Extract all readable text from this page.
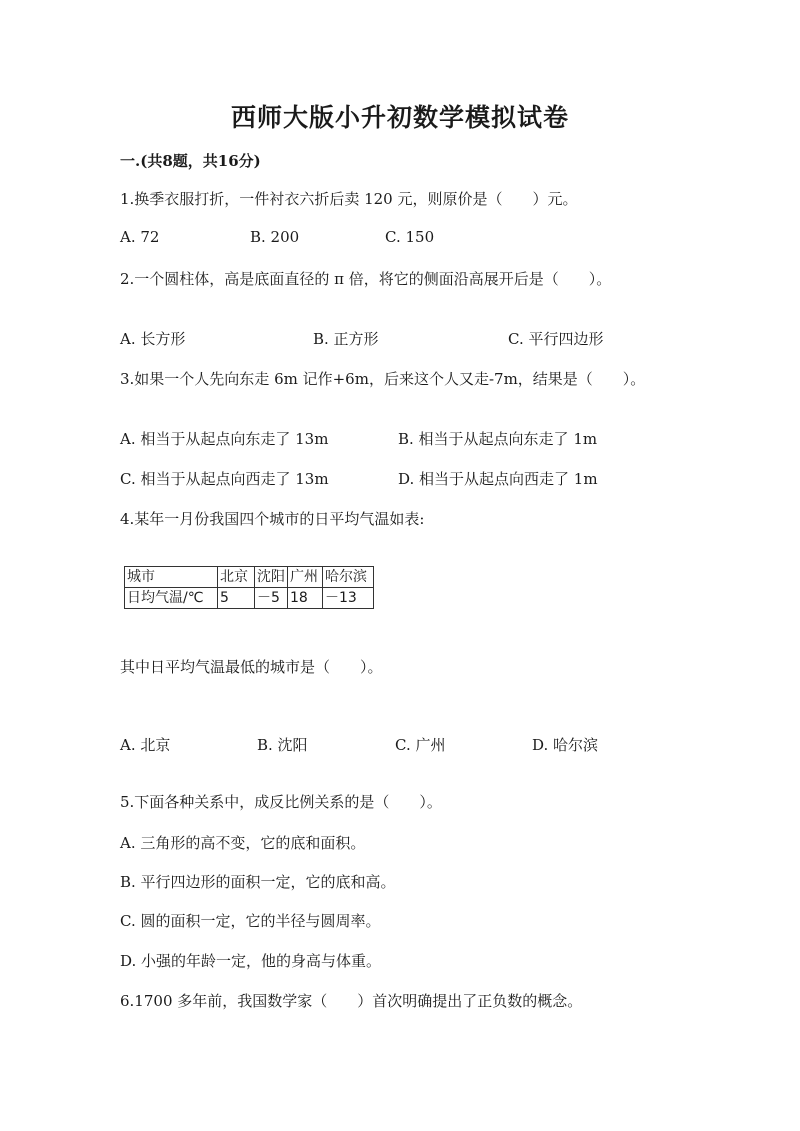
西师大版小升初数学模拟试卷
一.(共8题，共16分)
1.换季衣服打折，一件衬衣六折后卖 120 元，则原价是（　　）元。
A. 72	B. 200	C. 150
2.一个圆柱体，高是底面直径的 π 倍，将它的侧面沿高展开后是（　　）。
A. 长方形	B. 正方形	C. 平行四边形
3.如果一个人先向东走 6m 记作+6m，后来这个人又走-7m，结果是（　　）。
A. 相当于从起点向东走了 13m	B. 相当于从起点向东走了 1m
C. 相当于从起点向西走了 13m	D. 相当于从起点向西走了 1m
4.某年一月份我国四个城市的日平均气温如表:
城市	北京	沈阳	广州	哈尔滨
日均气温/℃	5	－5	18	－13
其中日平均气温最低的城市是（　　）。
A. 北京	B. 沈阳	C. 广州	D. 哈尔滨
5.下面各种关系中，成反比例关系的是（　　）。
A. 三角形的高不变，它的底和面积。
B. 平行四边形的面积一定，它的底和高。
C. 圆的面积一定，它的半径与圆周率。
D. 小强的年龄一定，他的身高与体重。
6.1700 多年前，我国数学家（　　）首次明确提出了正负数的概念。
